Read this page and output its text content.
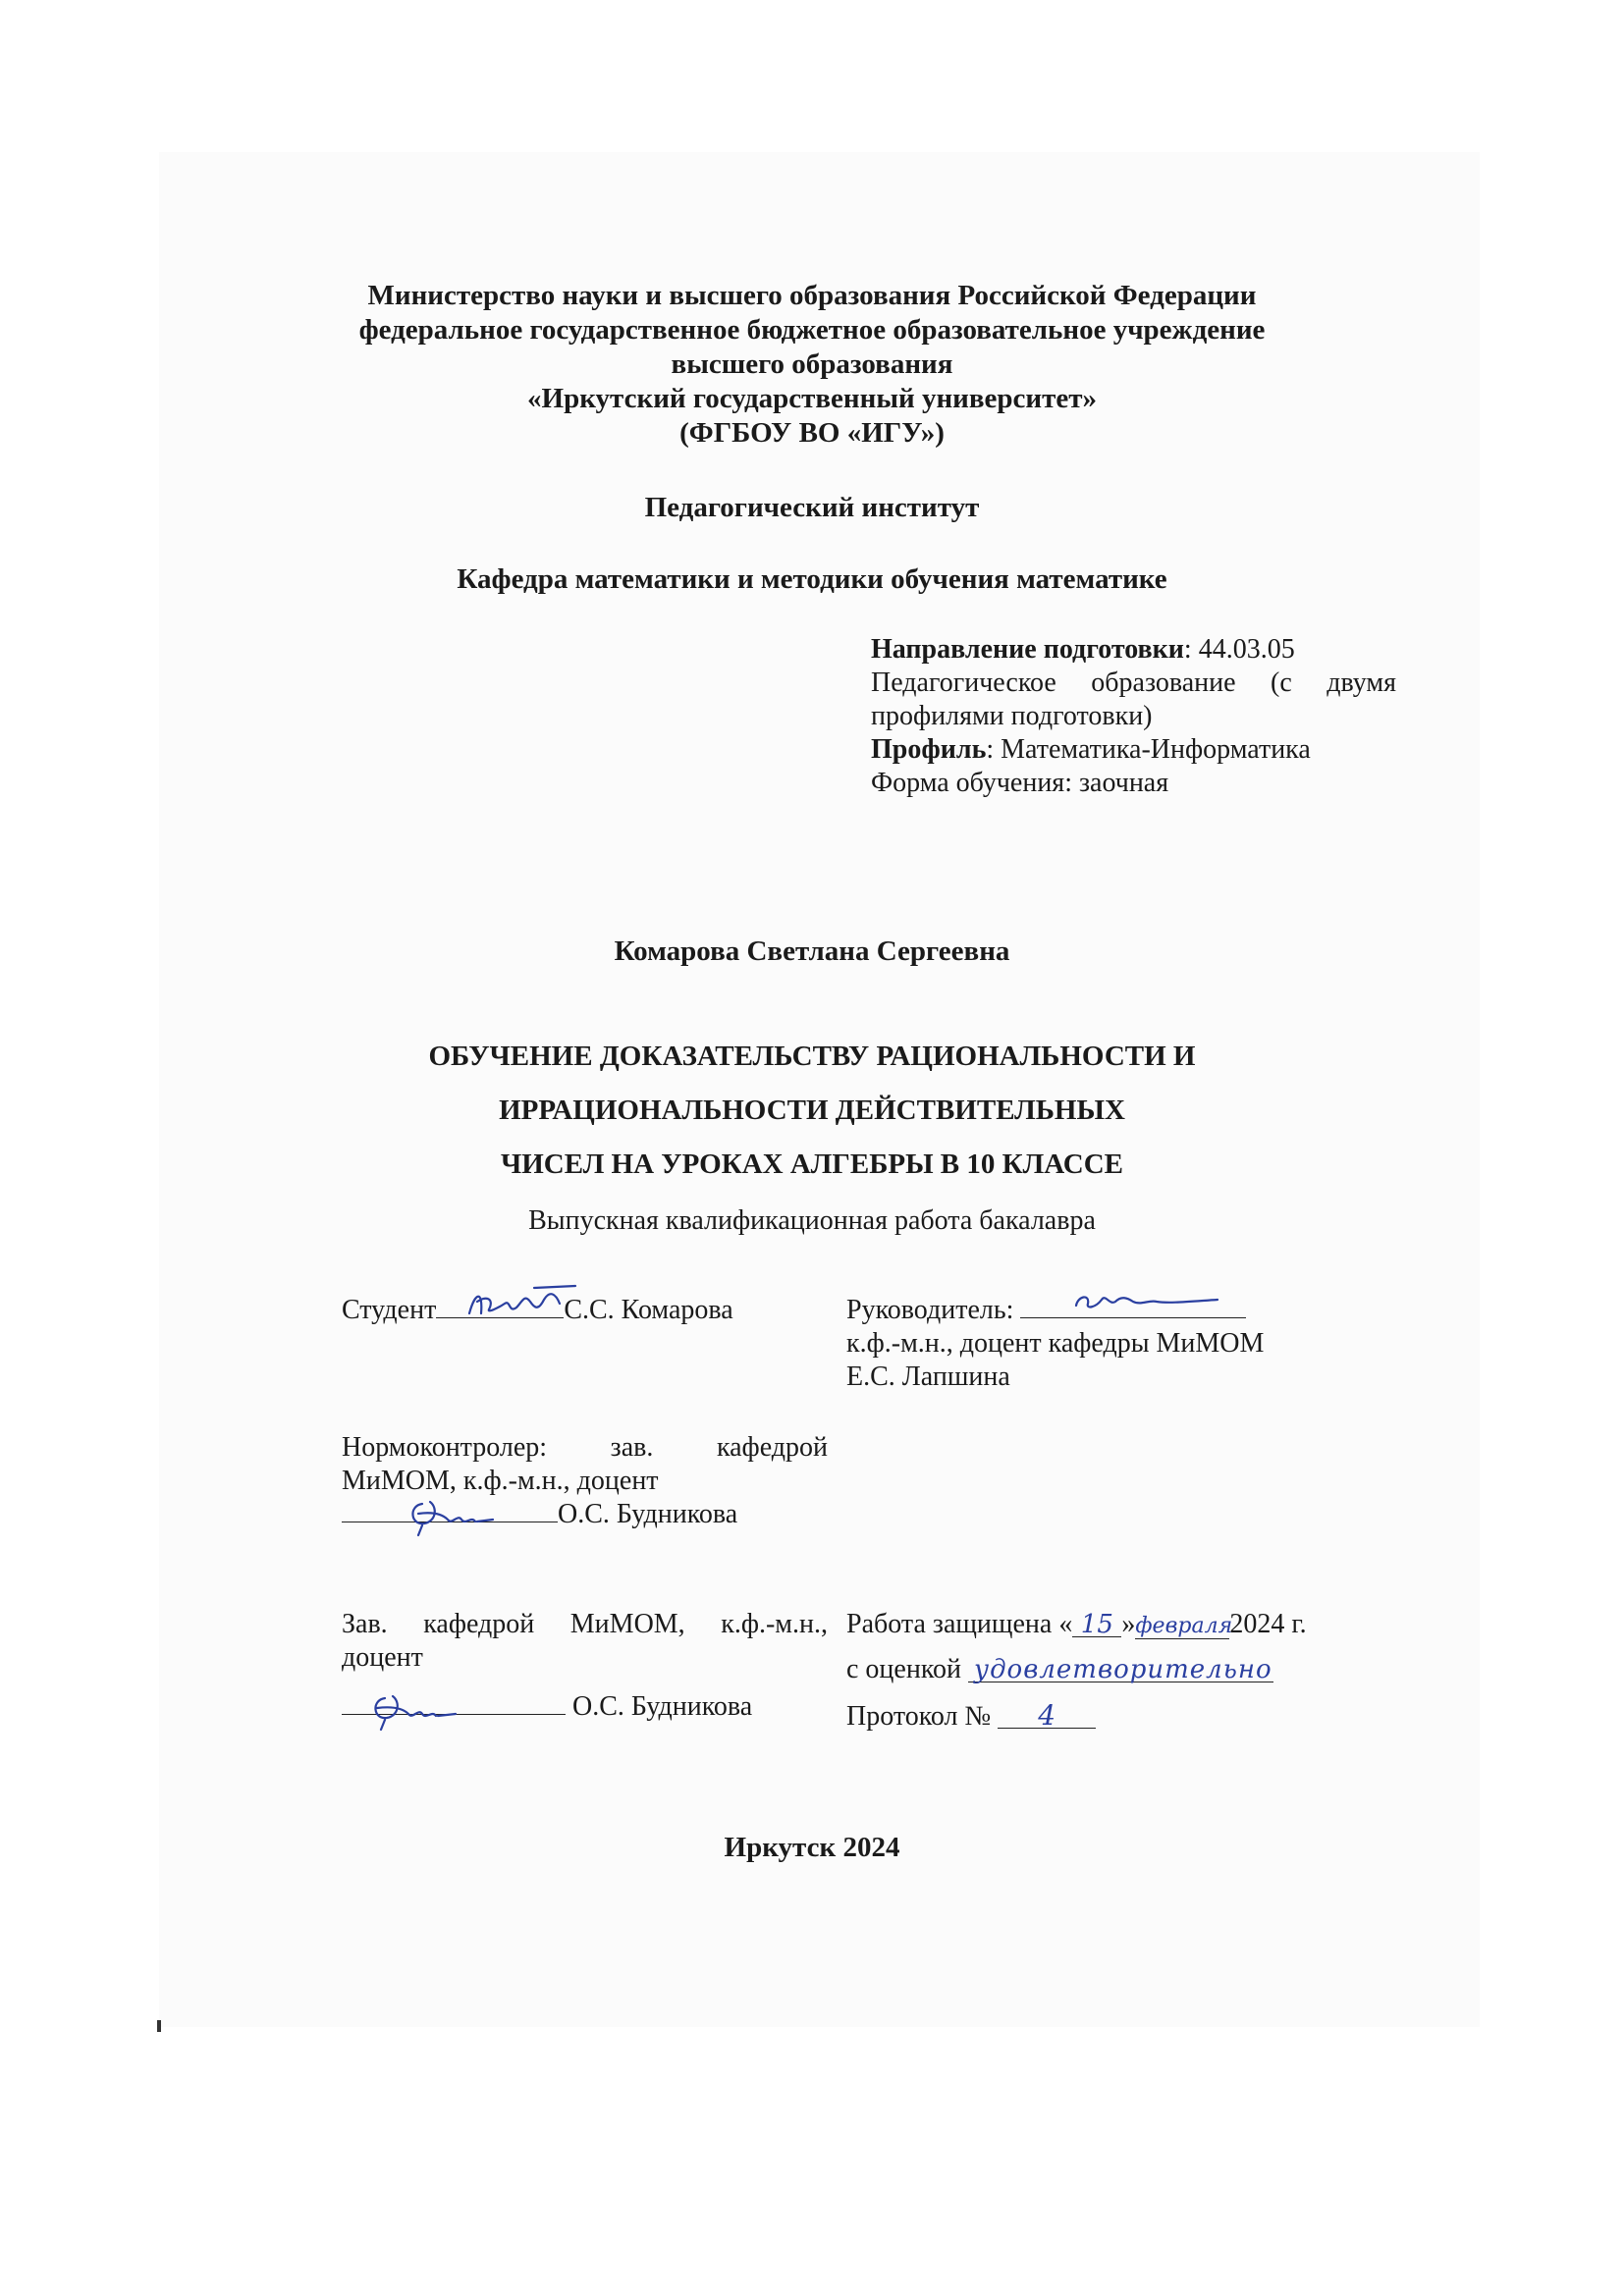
Министерство науки и высшего образования Российской Федерации
федеральное государственное бюджетное образовательное учреждение
высшего образования
«Иркутский государственный университет»
(ФГБОУ ВО «ИГУ»)
Педагогический институт
Кафедра математики и методики обучения математике
Направление подготовки: 44.03.05
Педагогическое образование (с двумя
профилями подготовки)
Профиль: Математика-Информатика
Форма обучения: заочная
Комарова Светлана Сергеевна
ОБУЧЕНИЕ ДОКАЗАТЕЛЬСТВУ РАЦИОНАЛЬНОСТИ И
ИРРАЦИОНАЛЬНОСТИ ДЕЙСТВИТЕЛЬНЫХ
ЧИСЕЛ НА УРОКАХ АЛГЕБРЫ В 10 КЛАССЕ
Выпускная квалификационная работа бакалавра
Студент	С.С. Комарова	Руководитель:
к.ф.-м.н., доцент кафедры МиМОМ
Е.С. Лапшина
Нормоконтролер: зав. кафедрой
МиМОМ, к.ф.-м.н., доцент
О.С. Будникова
Зав. кафедрой МиМОМ, к.ф.-м.н.,
доцент
О.С. Будникова
Работа защищена « 15 »февраля2024 г.
с оценкой удовлетворительно
Протокол № 4
Иркутск 2024
